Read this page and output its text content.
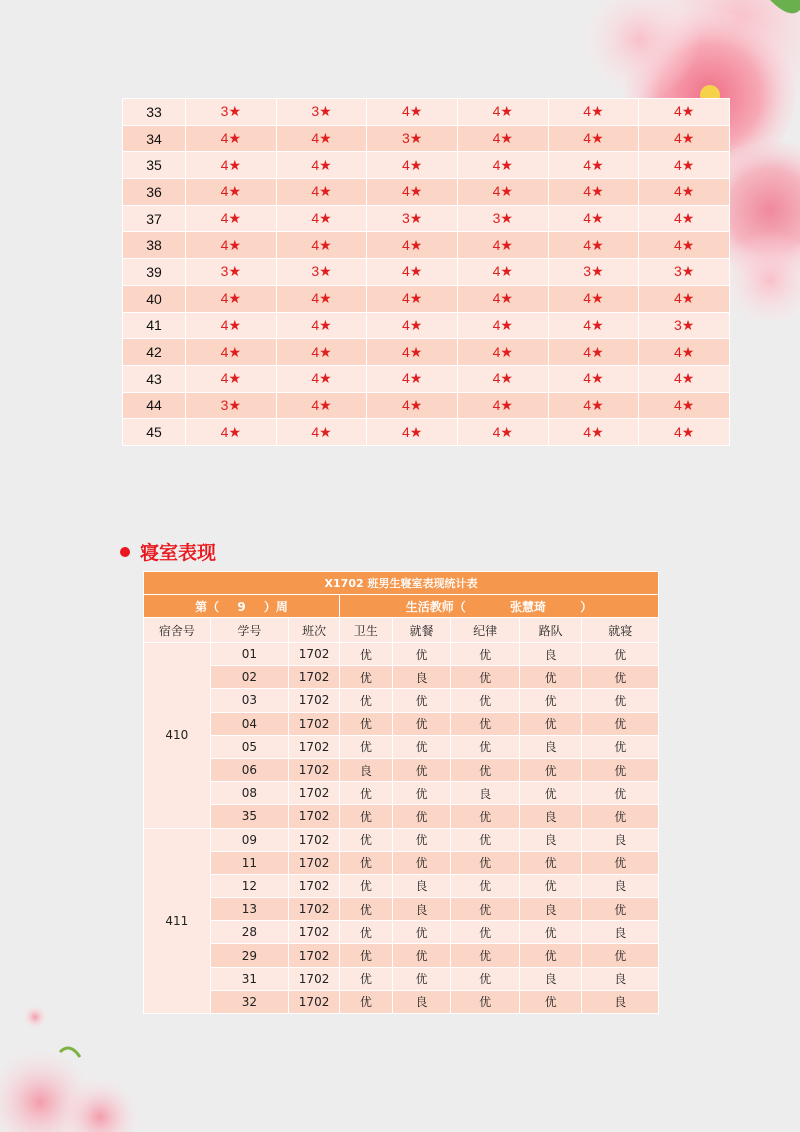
33	3★	3★	4★	4★	4★	4★
34	4★	4★	3★	4★	4★	4★
35	4★	4★	4★	4★	4★	4★
36	4★	4★	4★	4★	4★	4★
37	4★	4★	3★	3★	4★	4★
38	4★	4★	4★	4★	4★	4★
39	3★	3★	4★	4★	3★	3★
40	4★	4★	4★	4★	4★	4★
41	4★	4★	4★	4★	4★	3★
42	4★	4★	4★	4★	4★	4★
43	4★	4★	4★	4★	4★	4★
44	3★	4★	4★	4★	4★	4★
45	4★	4★	4★	4★	4★	4★
寝室表现
X1702 班男生寝室表现统计表							
第（ 9 ）周			生活教师（ 张慧琦 ）				
宿舍号	学号	班次	卫生	就餐	纪律	路队	就寝
410	01	1702	优	优	优	良	优
	02	1702	优	良	优	优	优
	03	1702	优	优	优	优	优
	04	1702	优	优	优	优	优
	05	1702	优	优	优	良	优
	06	1702	良	优	优	优	优
	08	1702	优	优	良	优	优
	35	1702	优	优	优	良	优
411	09	1702	优	优	优	良	良
	11	1702	优	优	优	优	优
	12	1702	优	良	优	优	良
	13	1702	优	良	优	良	优
	28	1702	优	优	优	优	良
	29	1702	优	优	优	优	优
	31	1702	优	优	优	良	良
	32	1702	优	良	优	优	良
